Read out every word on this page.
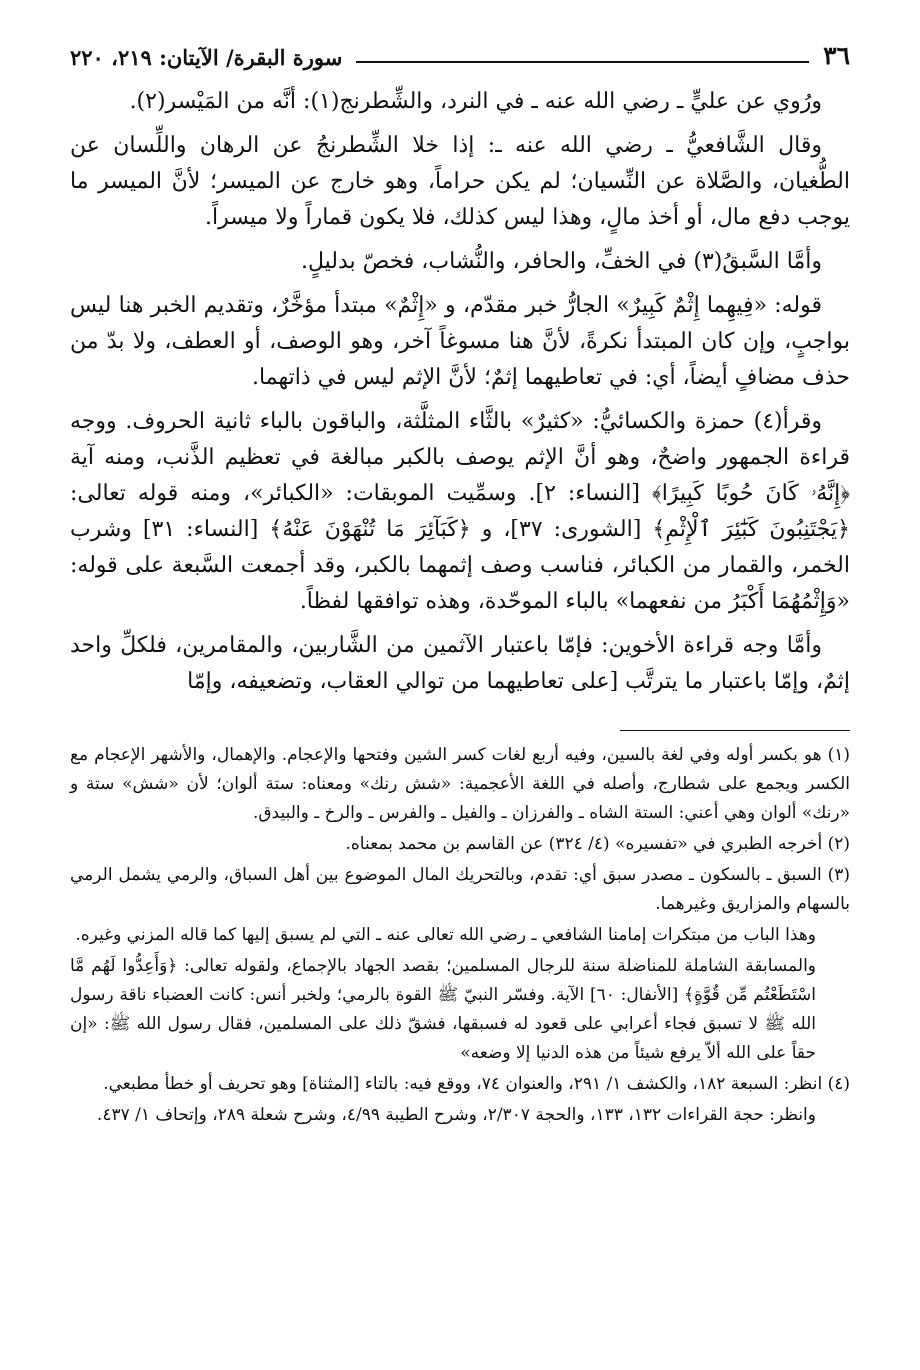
٣٦
سورة البقرة/ الآيتان: ٢١٩، ٢٢٠

ورُوي عن عليٍّ ـ رضي الله عنه ـ في النرد، والشِّطرنج(١): أنَّه من المَيْسر(٢).

وقال الشَّافعيُّ ـ رضي الله عنه ـ: إذا خلا الشِّطرنجُ عن الرهان واللِّسان عن الطُّغيان، والصَّلاة عن النِّسيان؛ لم يكن حراماً، وهو خارج عن الميسر؛ لأنَّ الميسر ما يوجب دفع مال، أو أخذ مالٍ، وهذا ليس كذلك، فلا يكون قماراً ولا ميسراً.

وأمَّا السَّبقُ(٣) في الخفِّ، والحافر، والنُّشاب، فخصّ بدليلٍ.

قوله: «فِيهِما إِثْمٌ كَبِيرٌ» الجارُّ خبر مقدّم، و «إِثْمٌ» مبتدأ مؤخَّرٌ، وتقديم الخبر هنا ليس بواجبٍ، وإن كان المبتدأ نكرةً، لأنَّ هنا مسوغاً آخر، وهو الوصف، أو العطف، ولا بدّ من حذف مضافٍ أيضاً، أي: في تعاطيهما إثمٌ؛ لأنَّ الإثم ليس في ذاتهما.

وقرأ(٤) حمزة والكسائيُّ: «كثيرٌ» بالثَّاء المثلَّثة، والباقون بالباء ثانية الحروف. ووجه قراءة الجمهور واضحٌ، وهو أنَّ الإثم يوصف بالكبر مبالغة في تعظيم الذَّنب، ومنه آية ﴿إِنَّهُۥ كَانَ حُوبًا كَبِيرًا﴾ [النساء: ٢]. وسمِّيت الموبقات: «الكبائر»، ومنه قوله تعالى: ﴿يَجْتَنِبُونَ كَبَٰٓئِرَ ٱلْإِثْمِ﴾ [الشورى: ٣٧]، و ﴿كَبَآئِرَ مَا تُنْهَوْنَ عَنْهُ﴾ [النساء: ٣١] وشرب الخمر، والقمار من الكبائر، فناسب وصف إثمهما بالكبر، وقد أجمعت السَّبعة على قوله: «وَإِثْمُهُمَا أَكْبَرُ من نفعهما» بالباء الموحّدة، وهذه توافقها لفظاً.

وأمَّا وجه قراءة الأخوين: فإمّا باعتبار الآثمين من الشَّاربين، والمقامرين، فلكلِّ واحد إثمٌ، وإمّا باعتبار ما يترتَّب [على تعاطيهما من توالي العقاب، وتضعيفه، وإمّا

(١) هو بكسر أوله وفي لغة بالسين، وفيه أربع لغات كسر الشين وفتحها والإعجام. والإهمال، والأشهر الإعجام مع الكسر ويجمع على شطارج، وأصله في اللغة الأعجمية: «شش رنك» ومعناه: ستة ألوان؛ لأن «شش» ستة و «رنك» ألوان وهي أعني: الستة الشاه ـ والفرزان ـ والفيل ـ والفرس ـ والرخ ـ والبيدق.

(٢) أخرجه الطبري في «تفسيره» (٤/ ٣٢٤) عن القاسم بن محمد بمعناه.

(٣) السبق ـ بالسكون ـ مصدر سبق أي: تقدم، وبالتحريك المال الموضوع بين أهل السباق، والرمي يشمل الرمي بالسهام والمزاريق وغيرهما.

وهذا الباب من مبتكرات إمامنا الشافعي ـ رضي الله تعالى عنه ـ التي لم يسبق إليها كما قاله المزني وغيره.

والمسابقة الشاملة للمناضلة سنة للرجال المسلمين؛ بقصد الجهاد بالإجماع، ولقوله تعالى: ﴿وَأَعِدُّوا لَهُم مَّا اسْتَطَعْتُم مِّن قُوَّةٍ﴾ [الأنفال: ٦٠] الآية. وفسّر النبيّ ﷺ القوة بالرمي؛ ولخبر أنس: كانت العضباء ناقة رسول الله ﷺ لا تسبق فجاء أعرابي على قعود له فسبقها، فشقّ ذلك على المسلمين، فقال رسول الله ﷺ: «إن حقاً على الله ألاّ يرفع شيئاً من هذه الدنيا إلا وضعه»

(٤) انظر: السبعة ١٨٢، والكشف ١/ ٢٩١، والعنوان ٧٤، ووقع فيه: بالتاء [المثناة] وهو تحريف أو خطأ مطبعي.

وانظر: حجة القراءات ١٣٢، ١٣٣، والحجة ٢/٣٠٧، وشرح الطيبة ٤/٩٩، وشرح شعلة ٢٨٩، وإتحاف ١/ ٤٣٧.
